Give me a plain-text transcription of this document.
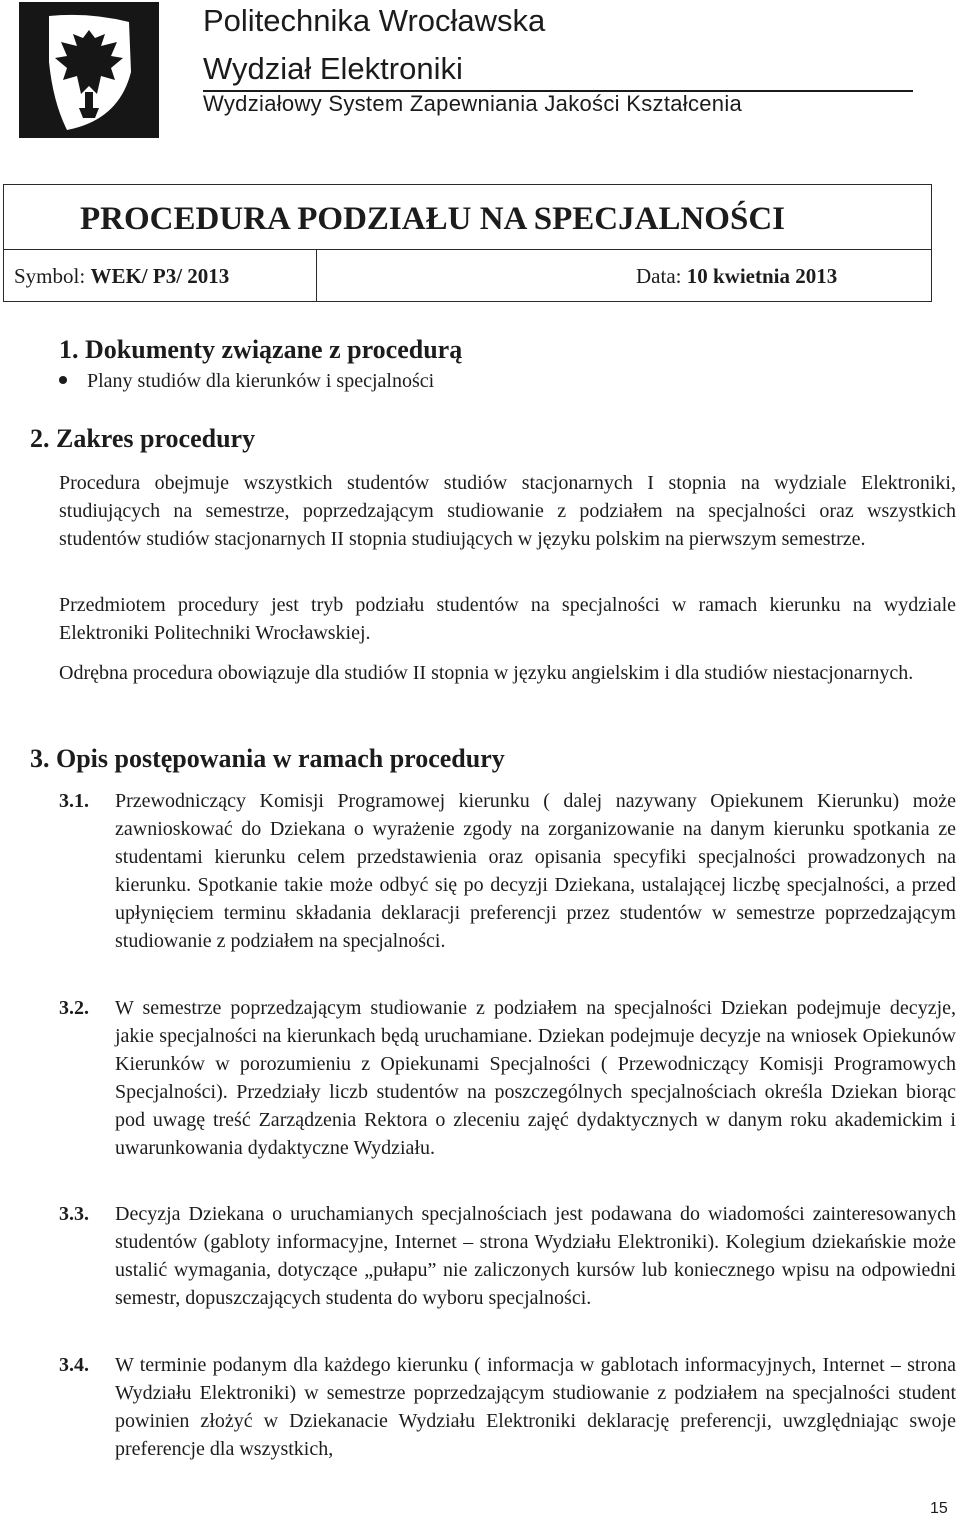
Politechnika Wrocławska
Wydział Elektroniki
Wydziałowy System Zapewniania Jakości Kształcenia
PROCEDURA PODZIAŁU NA SPECJALNOŚCI
Symbol: WEK/ P3/ 2013	Data: 10 kwietnia 2013
1. Dokumenty związane z procedurą
Plany studiów dla kierunków i specjalności
2. Zakres procedury
Procedura obejmuje wszystkich studentów studiów stacjonarnych I stopnia na wydziale Elektroniki, studiujących na semestrze, poprzedzającym studiowanie z podziałem na specjalności oraz wszystkich studentów studiów stacjonarnych II stopnia studiujących w języku polskim na pierwszym semestrze.
Przedmiotem procedury jest tryb podziału studentów na specjalności w ramach kierunku na wydziale Elektroniki Politechniki Wrocławskiej.
Odrębna procedura obowiązuje dla studiów II stopnia w języku angielskim i dla studiów niestacjonarnych.
3. Opis postępowania w ramach procedury
3.1. Przewodniczący Komisji Programowej kierunku ( dalej nazywany Opiekunem Kierunku) może zawnioskować do Dziekana o wyrażenie zgody na zorganizowanie na danym kierunku spotkania ze studentami kierunku celem przedstawienia oraz opisania specyfiki specjalności prowadzonych na kierunku. Spotkanie takie może odbyć się po decyzji Dziekana, ustalającej liczbę specjalności, a przed upłynięciem terminu składania deklaracji preferencji przez studentów w semestrze poprzedzającym studiowanie z podziałem na specjalności.
3.2. W semestrze poprzedzającym studiowanie z podziałem na specjalności Dziekan podejmuje decyzje, jakie specjalności na kierunkach będą uruchamiane. Dziekan podejmuje decyzje na wniosek Opiekunów Kierunków w porozumieniu z Opiekunami Specjalności ( Przewodniczący Komisji Programowych Specjalności). Przedziały liczb studentów na poszczególnych specjalnościach określa Dziekan biorąc pod uwagę treść Zarządzenia Rektora o zleceniu zajęć dydaktycznych w danym roku akademickim i uwarunkowania dydaktyczne Wydziału.
3.3. Decyzja Dziekana o uruchamianych specjalnościach jest podawana do wiadomości zainteresowanych studentów (gabloty informacyjne, Internet – strona Wydziału Elektroniki). Kolegium dziekańskie może ustalić wymagania, dotyczące „pułapu” nie zaliczonych kursów lub koniecznego wpisu na odpowiedni semestr, dopuszczających studenta do wyboru specjalności.
3.4. W terminie podanym dla każdego kierunku ( informacja w gablotach informacyjnych, Internet – strona Wydziału Elektroniki) w semestrze poprzedzającym studiowanie z podziałem na specjalności student powinien złożyć w Dziekanacie Wydziału Elektroniki deklarację preferencji, uwzględniając swoje preferencje dla wszystkich,
15
